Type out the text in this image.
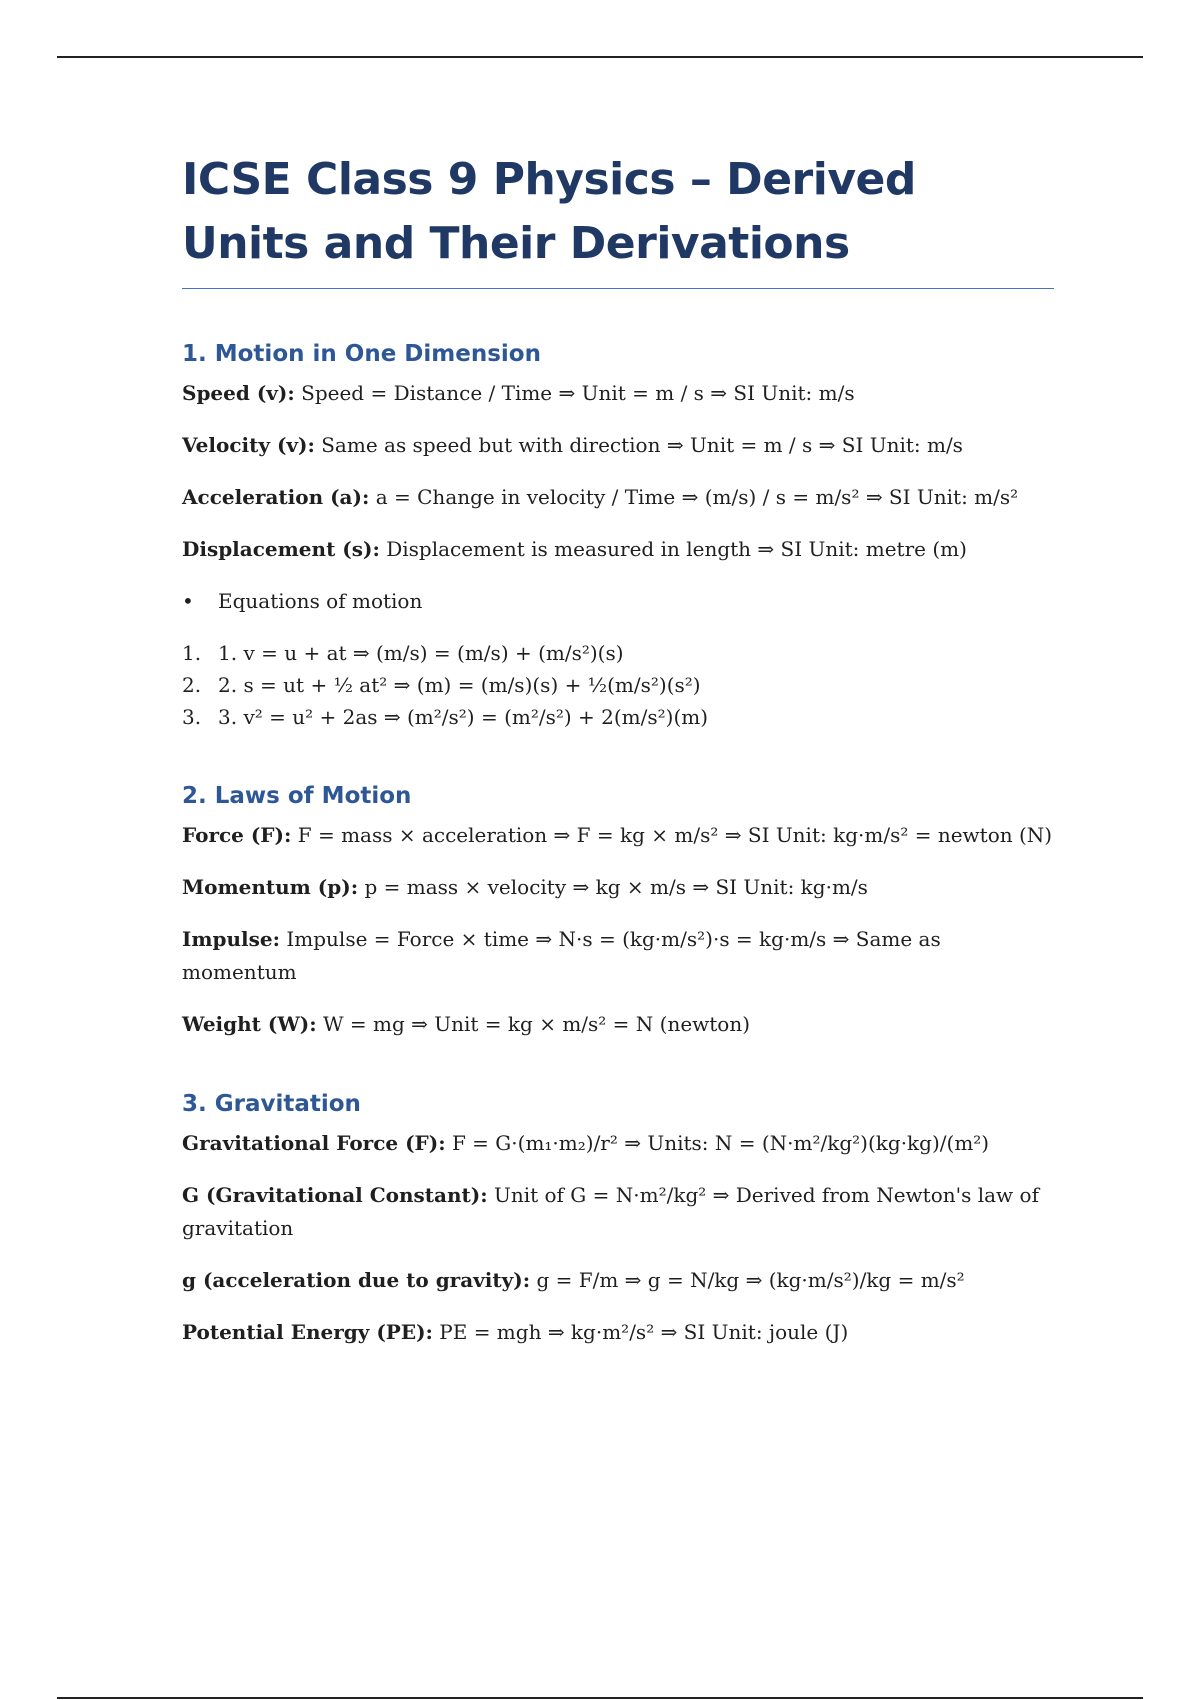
ICSE Class 9 Physics – Derived Units and Their Derivations
1. Motion in One Dimension

Speed (v): Speed = Distance / Time ⇒ Unit = m / s ⇒ SI Unit: m/s

Velocity (v): Same as speed but with direction ⇒ Unit = m / s ⇒ SI Unit: m/s

Acceleration (a): a = Change in velocity / Time ⇒ (m/s) / s = m/s² ⇒ SI Unit: m/s²

Displacement (s): Displacement is measured in length ⇒ SI Unit: metre (m)

•	Equations of motion
1. 1. v = u + at ⇒ (m/s) = (m/s) + (m/s²)(s)
2. 2. s = ut + ½ at² ⇒ (m) = (m/s)(s) + ½(m/s²)(s²)
3. 3. v² = u² + 2as ⇒ (m²/s²) = (m²/s²) + 2(m/s²)(m)
2. Laws of Motion

Force (F): F = mass × acceleration ⇒ F = kg × m/s² ⇒ SI Unit: kg·m/s² = newton (N)

Momentum (p): p = mass × velocity ⇒ kg × m/s ⇒ SI Unit: kg·m/s

Impulse: Impulse = Force × time ⇒ N·s = (kg·m/s²)·s = kg·m/s ⇒ Same as momentum

Weight (W): W = mg ⇒ Unit = kg × m/s² = N (newton)

3. Gravitation

Gravitational Force (F): F = G·(m₁·m₂)/r² ⇒ Units: N = (N·m²/kg²)(kg·kg)/(m²)

G (Gravitational Constant): Unit of G = N·m²/kg² ⇒ Derived from Newton's law of gravitation

g (acceleration due to gravity): g = F/m ⇒ g = N/kg ⇒ (kg·m/s²)/kg = m/s²

Potential Energy (PE): PE = mgh ⇒ kg·m²/s² ⇒ SI Unit: joule (J)
